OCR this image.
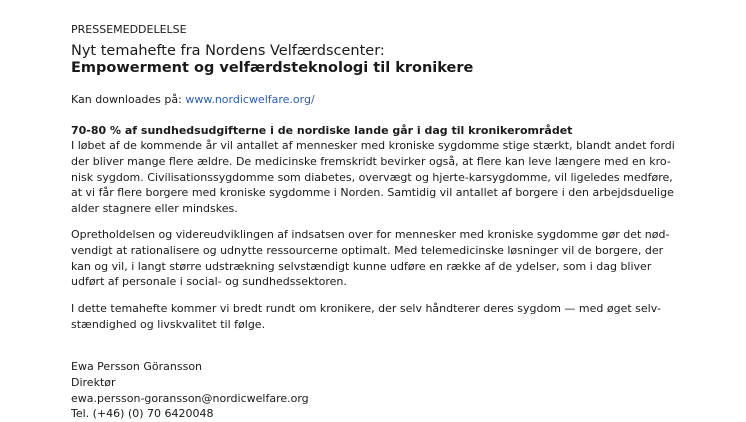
PRESSEMEDDELELSE
Nyt temahefte fra Nordens Velfærdscenter:
Empowerment og velfærdsteknologi til kronikere
Kan downloades på: www.nordicwelfare.org/
70-80 % af sundhedsudgifterne i de nordiske lande går i dag til kronikerområdet
I løbet af de kommende år vil antallet af mennesker med kroniske sygdomme stige stærkt, blandt andet fordi
der bliver mange flere ældre. De medicinske fremskridt bevirker også, at flere kan leve længere med en kro-
nisk sygdom. Civilisationssygdomme som diabetes, overvægt og hjerte-karsygdomme, vil ligeledes medføre,
at vi får flere borgere med kroniske sygdomme i Norden. Samtidig vil antallet af borgere i den arbejdsduelige
alder stagnere eller mindskes.
Opretholdelsen og videreudviklingen af indsatsen over for mennesker med kroniske sygdomme gør det nød-
vendigt at rationalisere og udnytte ressourcerne optimalt. Med telemedicinske løsninger vil de borgere, der
kan og vil, i langt større udstrækning selvstændigt kunne udføre en række af de ydelser, som i dag bliver
udført af personale i social- og sundhedssektoren.
I dette temahefte kommer vi bredt rundt om kronikere, der selv håndterer deres sygdom — med øget selv-
stændighed og livskvalitet til følge.
Ewa Persson Göransson
Direktør
ewa.persson-goransson@nordicwelfare.org
Tel. (+46) (0) 70 6420048
